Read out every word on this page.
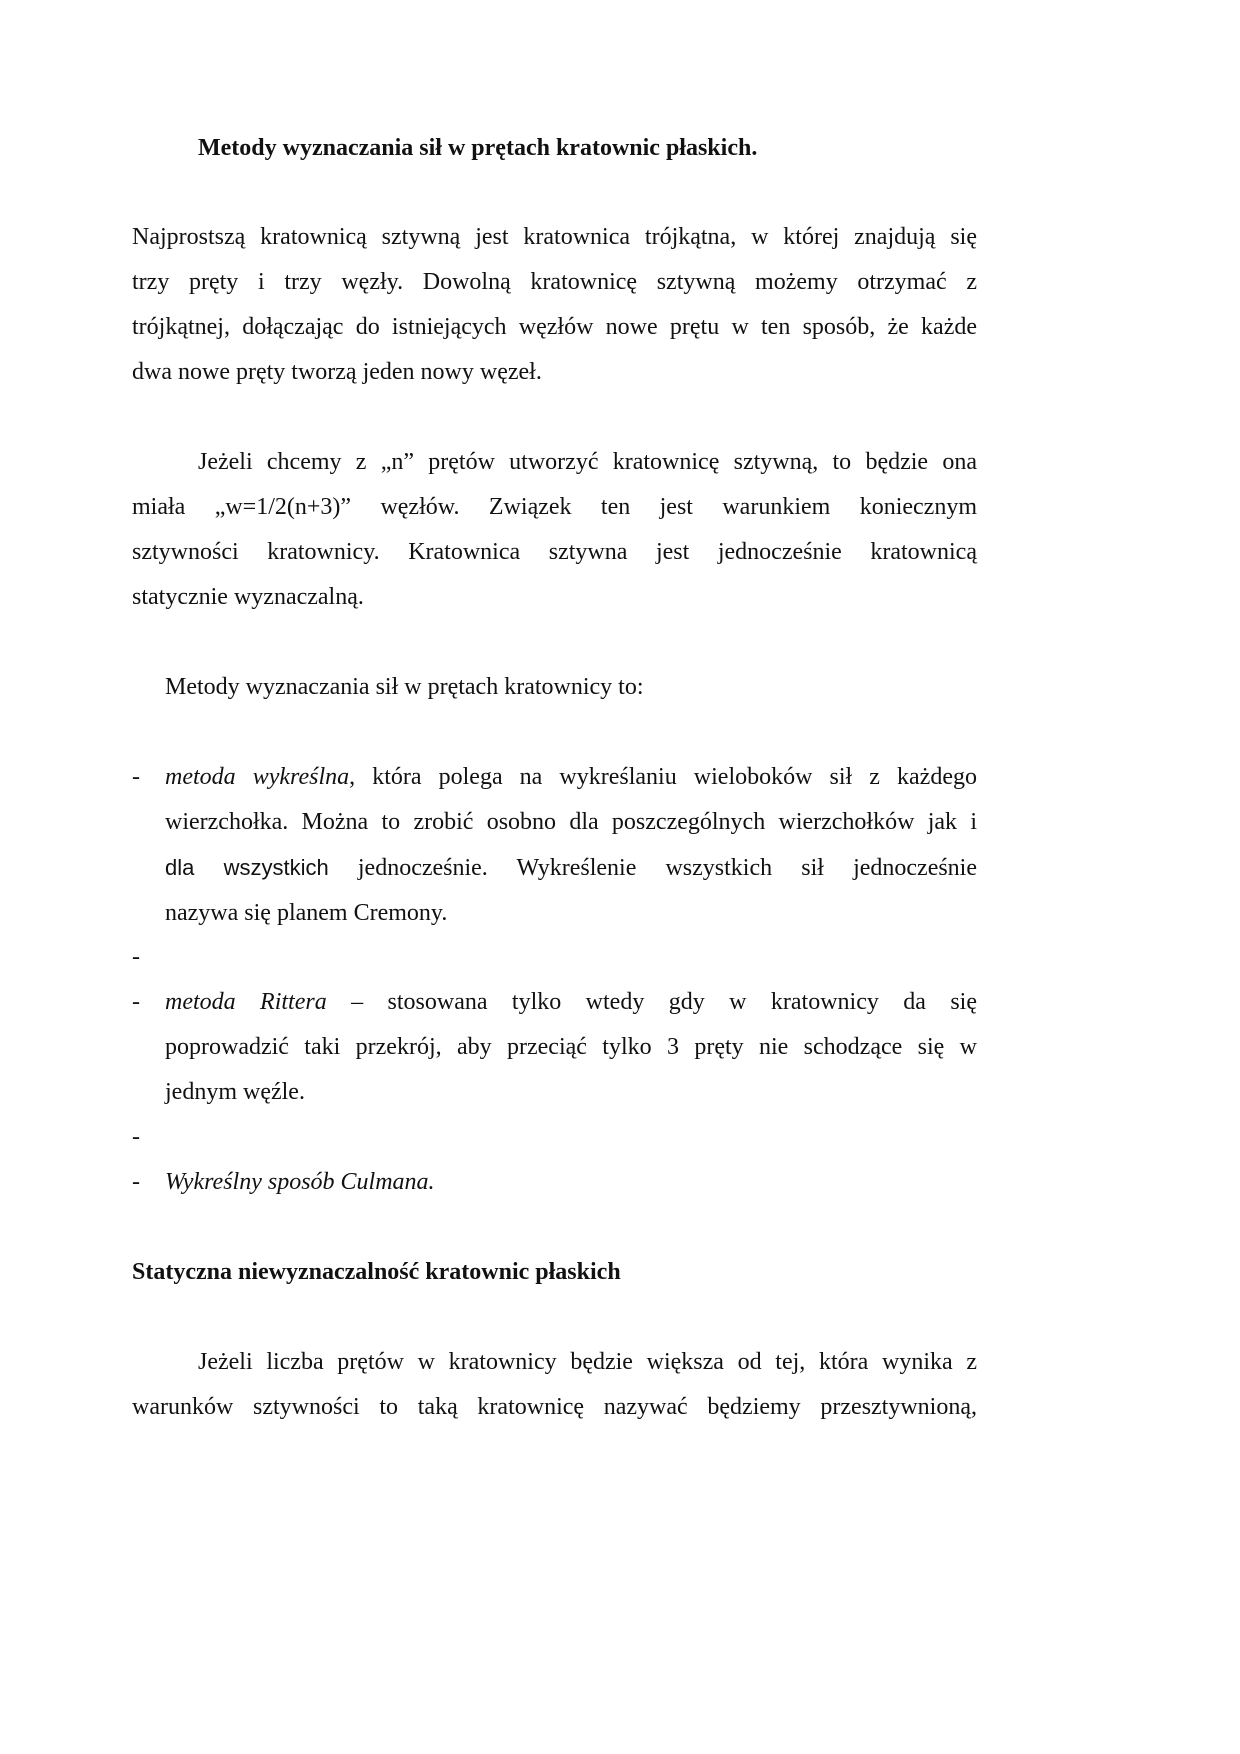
Metody wyznaczania sił w prętach kratownic płaskich.
Najprostszą kratownicą sztywną jest kratownica trójkątna, w której znajdują się
trzy pręty i trzy węzły. Dowolną kratownicę sztywną możemy otrzymać z
trójkątnej, dołączając do istniejących węzłów nowe prętu w ten sposób, że każde
dwa nowe pręty tworzą jeden nowy węzeł.
Jeżeli chcemy z „n” prętów utworzyć kratownicę sztywną, to będzie ona
miała „w=1/2(n+3)” węzłów. Związek ten jest warunkiem koniecznym
sztywności kratownicy. Kratownica sztywna jest jednocześnie kratownicą
statycznie wyznaczalną.
Metody wyznaczania sił w prętach kratownicy to:
- metoda wykreślna, która polega na wykreślaniu wieloboków sił z każdego
wierzchołka. Można to zrobić osobno dla poszczególnych wierzchołków jak i
dla wszystkich jednocześnie. Wykreślenie wszystkich sił jednocześnie
nazywa się planem Cremony.
-
- metoda Rittera – stosowana tylko wtedy gdy w kratownicy da się
poprowadzić taki przekrój, aby przeciąć tylko 3 pręty nie schodzące się w
jednym węźle.
-
- Wykreślny sposób Culmana.
Statyczna niewyznaczalność kratownic płaskich
Jeżeli liczba prętów w kratownicy będzie większa od tej, która wynika z
warunków sztywności to taką kratownicę nazywać będziemy przesztywnioną,
